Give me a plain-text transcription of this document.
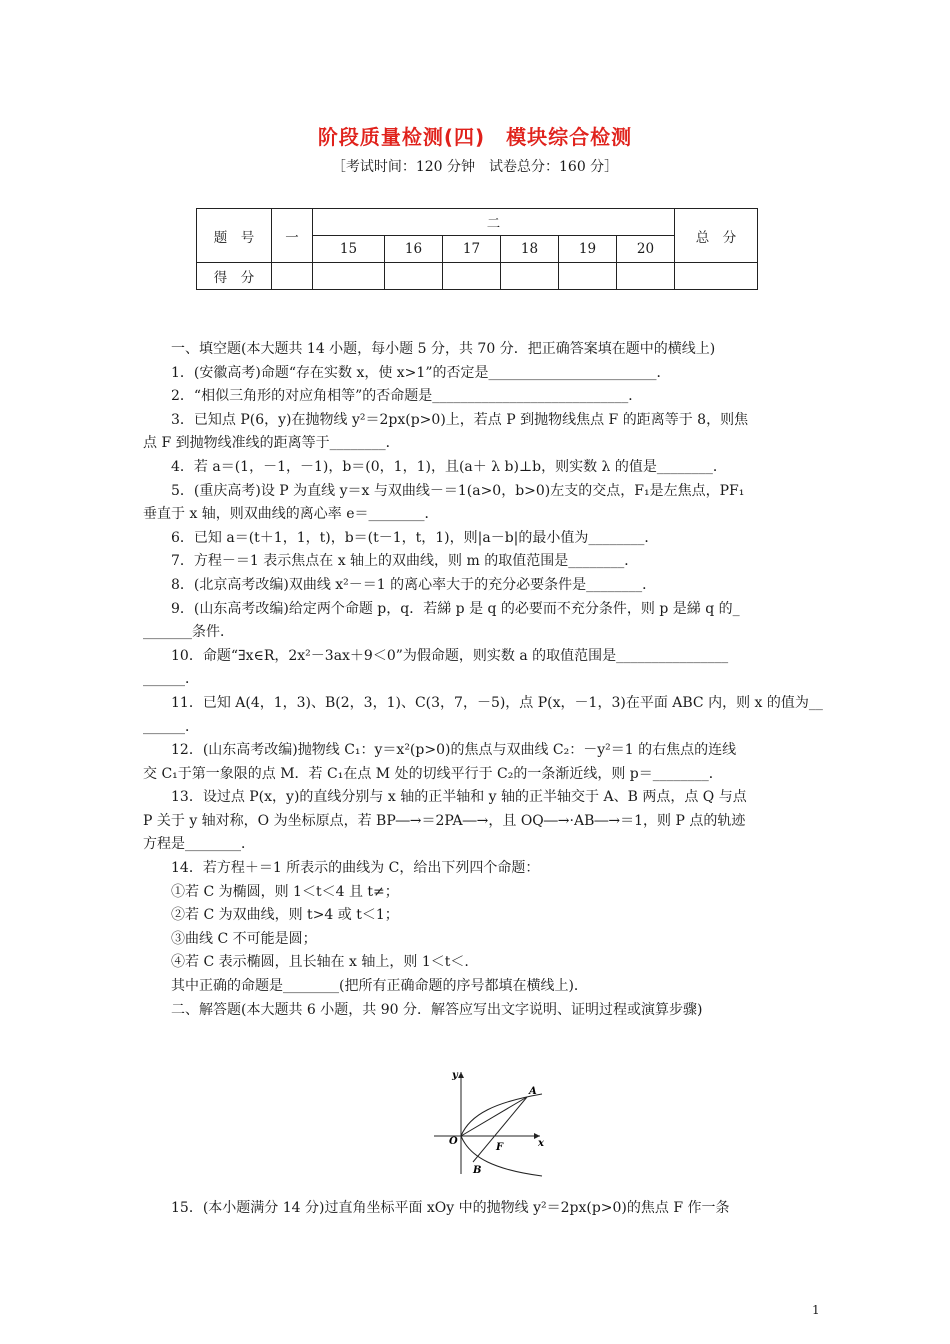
阶段质量检测(四)　模块综合检测
［考试时间：120 分钟　试卷总分：160 分］
题　号	一	二						总　分
		15	16	17	18	19	20	
得　分								

一、填空题(本大题共 14 小题，每小题 5 分，共 70 分．把正确答案填在题中的横线上)

1．(安徽高考)命题“存在实数 x，使 x>1”的否定是________________________．

2．“相似三角形的对应角相等”的否命题是____________________________．

3．已知点 P(6，y)在抛物线 y²＝2px(p>0)上，若点 P 到抛物线焦点 F 的距离等于 8，则焦

点 F 到抛物线准线的距离等于________．

4．若 a＝(1，－1，－1)，b＝(0，1，1)，且(a＋ λ b)⊥b，则实数 λ 的值是________．

5．(重庆高考)设 P 为直线 y＝x 与双曲线－＝1(a>0，b>0)左支的交点，F₁是左焦点，PF₁

垂直于 x 轴，则双曲线的离心率 e＝________．

6．已知 a＝(t＋1，1，t)，b＝(t－1，t，1)，则|a－b|的最小值为________．

7．方程－＝1 表示焦点在 x 轴上的双曲线，则 m 的取值范围是________．

8．(北京高考改编)双曲线 x²－＝1 的离心率大于的充分必要条件是________．

9．(山东高考改编)给定两个命题 p，q．若綈 p 是 q 的必要而不充分条件，则 p 是綈 q 的_

_______条件．

10．命题“∃x∈R，2x²－3ax＋9＜0”为假命题，则实数 a 的取值范围是________________

______．

11．已知 A(4，1，3)、B(2，3，1)、C(3，7，－5)，点 P(x，－1，3)在平面 ABC 内，则 x 的值为__

______．

12．(山东高考改编)抛物线 C₁：y＝x²(p>0)的焦点与双曲线 C₂：－y²＝1 的右焦点的连线

交 C₁于第一象限的点 M．若 C₁在点 M 处的切线平行于 C₂的一条渐近线，则 p＝________．

13．设过点 P(x，y)的直线分别与 x 轴的正半轴和 y 轴的正半轴交于 A、B 两点，点 Q 与点

P 关于 y 轴对称，O 为坐标原点，若 BP―→＝2PA―→，且 OQ―→·AB―→＝1，则 P 点的轨迹

方程是________．

14．若方程＋＝1 所表示的曲线为 C，给出下列四个命题：

①若 C 为椭圆，则 1＜t＜4 且 t≠；

②若 C 为双曲线，则 t>4 或 t＜1；

③曲线 C 不可能是圆；

④若 C 表示椭圆，且长轴在 x 轴上，则 1＜t＜.

其中正确的命题是________(把所有正确命题的序号都填在横线上)．

二、解答题(本大题共 6 小题，共 90 分．解答应写出文字说明、证明过程或演算步骤)

y
x
O
A
B
F

15．(本小题满分 14 分)过直角坐标平面 xOy 中的抛物线 y²＝2px(p>0)的焦点 F 作一条

1
